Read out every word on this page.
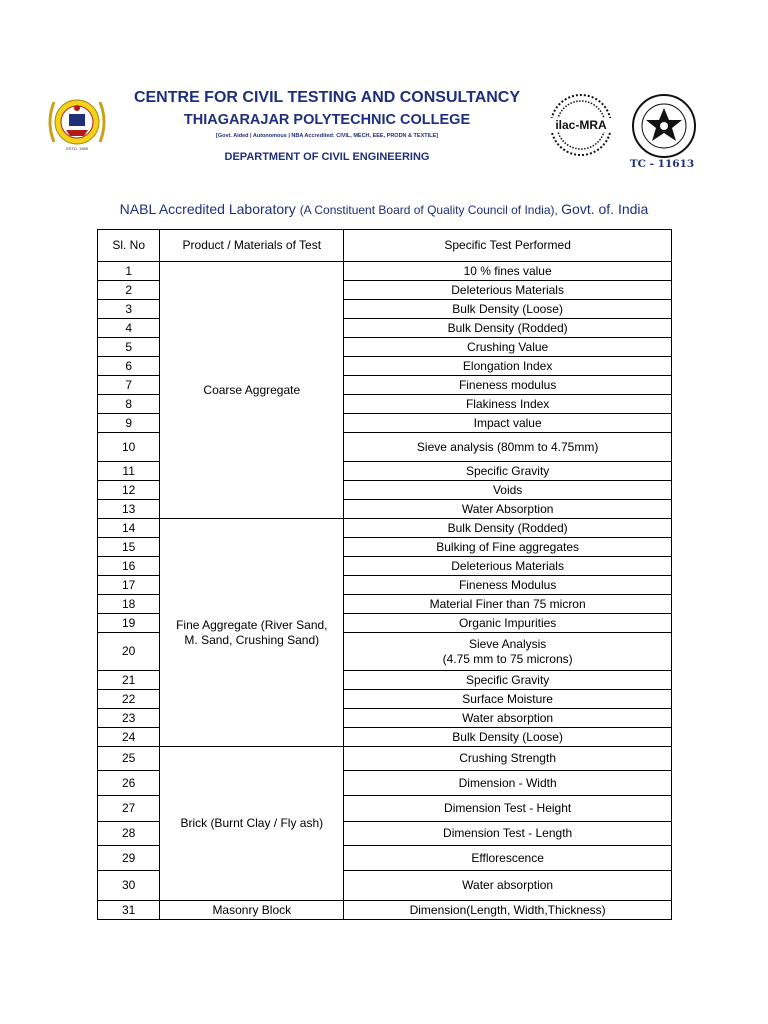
ESTD. 1958
CENTRE FOR CIVIL TESTING AND CONSULTANCY
THIAGARAJAR POLYTECHNIC COLLEGE
[Govt. Aided | Autonomous | NBA Accredited: CIVIL, MECH, EEE, PRODN & TEXTILE]
DEPARTMENT OF CIVIL ENGINEERING
ilac-MRA
TC - 11613
NABL Accredited Laboratory (A Constituent Board of Quality Council of India), Govt. of. India
Sl. No	Product / Materials of Test	Specific Test Performed
1	Coarse Aggregate	10 % fines value
2		Deleterious Materials
3		Bulk Density (Loose)
4		Bulk Density (Rodded)
5		Crushing Value
6		Elongation Index
7		Fineness modulus
8		Flakiness Index
9		Impact value
10		Sieve analysis (80mm to 4.75mm)
11		Specific Gravity
12		Voids
13		Water Absorption
14	Fine Aggregate (River Sand, M. Sand, Crushing Sand)	Bulk Density (Rodded)
15		Bulking of Fine aggregates
16		Deleterious Materials
17		Fineness Modulus
18		Material Finer than 75 micron
19		Organic Impurities
20		Sieve Analysis
(4.75 mm to 75 microns)
21		Specific Gravity
22		Surface Moisture
23		Water absorption
24		Bulk Density (Loose)
25	Brick (Burnt Clay / Fly ash)	Crushing Strength
26		Dimension - Width
27		Dimension Test - Height
28		Dimension Test - Length
29		Efflorescence
30		Water absorption
31	Masonry Block	Dimension(Length, Width,Thickness)
